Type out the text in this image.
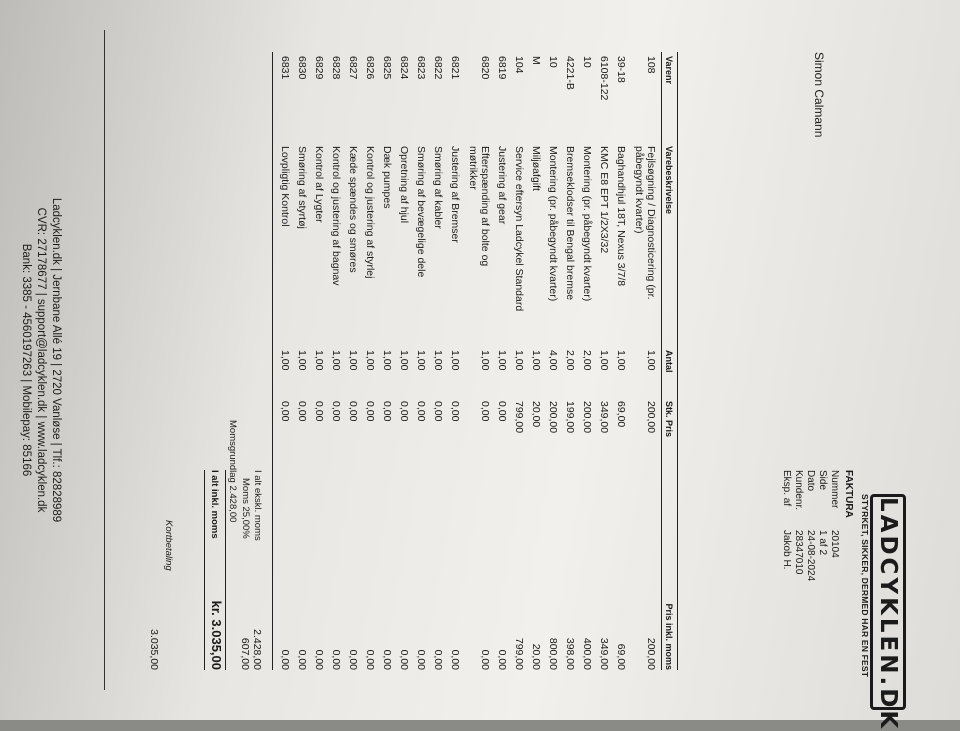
LADCYKLEN.DK
STYRKET, SIKKER, DERMED HAR EN FEST
Simon Calmann
FAKTURA
Nummer20104
Side1 af 2
Dato24-08-2024
Kundenr.28347010
Eksp. afJakob H.
Varenr
Varebeskrivelse
Antal
Stk. Pris
Pris inkl. moms
108
Fejlsøgning / Diagnosticering (pr.
1,00
200,00
200,00
påbegyndt kvarter)
39-18
Baghandhjul 18T, Nexus 3/7/8
1,00
69,00
69,00
6108-122
KMC E8 EPT 1/2X3/32
1,00
349,00
349,00
10
Montering (pr. påbegyndt kvarter)
2,00
200,00
400,00
4221-B
Bremseklodser til Bengal bremse
2,00
199,00
398,00
10
Montering (pr. påbegyndt kvarter)
4,00
200,00
800,00
M
Miljøafgift
1,00
20,00
20,00
104
Service eftersyn Ladcykel Standard
1,00
799,00
799,00
6819
Justering af gear
1,00
0,00
0,00
6820
Efterspænding af bolte og
1,00
0,00
0,00
møtrikker
6821
Justering af Bremser
1,00
0,00
0,00
6822
Smøring af kabler
1,00
0,00
0,00
6823
Smøring af bevægelige dele
1,00
0,00
0,00
6824
Opretning af hjul
1,00
0,00
0,00
6825
Dæk pumpes
1,00
0,00
0,00
6826
Kontrol og justering af styrlej
1,00
0,00
0,00
6827
Kæde spændes og smøres
1,00
0,00
0,00
6828
Kontrol og justering af bagnav
1,00
0,00
0,00
6829
Kontrol af Lygter
1,00
0,00
0,00
6830
Smøring af styrtøj
1,00
0,00
0,00
6831
Lovpligtig Kontrol
1,00
0,00
0,00
I alt ekskl. moms
2.428,00
Moms 25,00%
607,00
Momsgrundlag 2.428,00
I alt inkl. moms
kr. 3.035,00
Kortbetaling
3.035,00
Ladcyklen.dk | Jernbane Allé 19 | 2720 Vanløse | Tlf.: 82828989
CVR: 27178677 | support@ladcyklen.dk | www.ladcyklen.dk
Bank: 3385 - 4560197263 | Mobilepay: 85166
